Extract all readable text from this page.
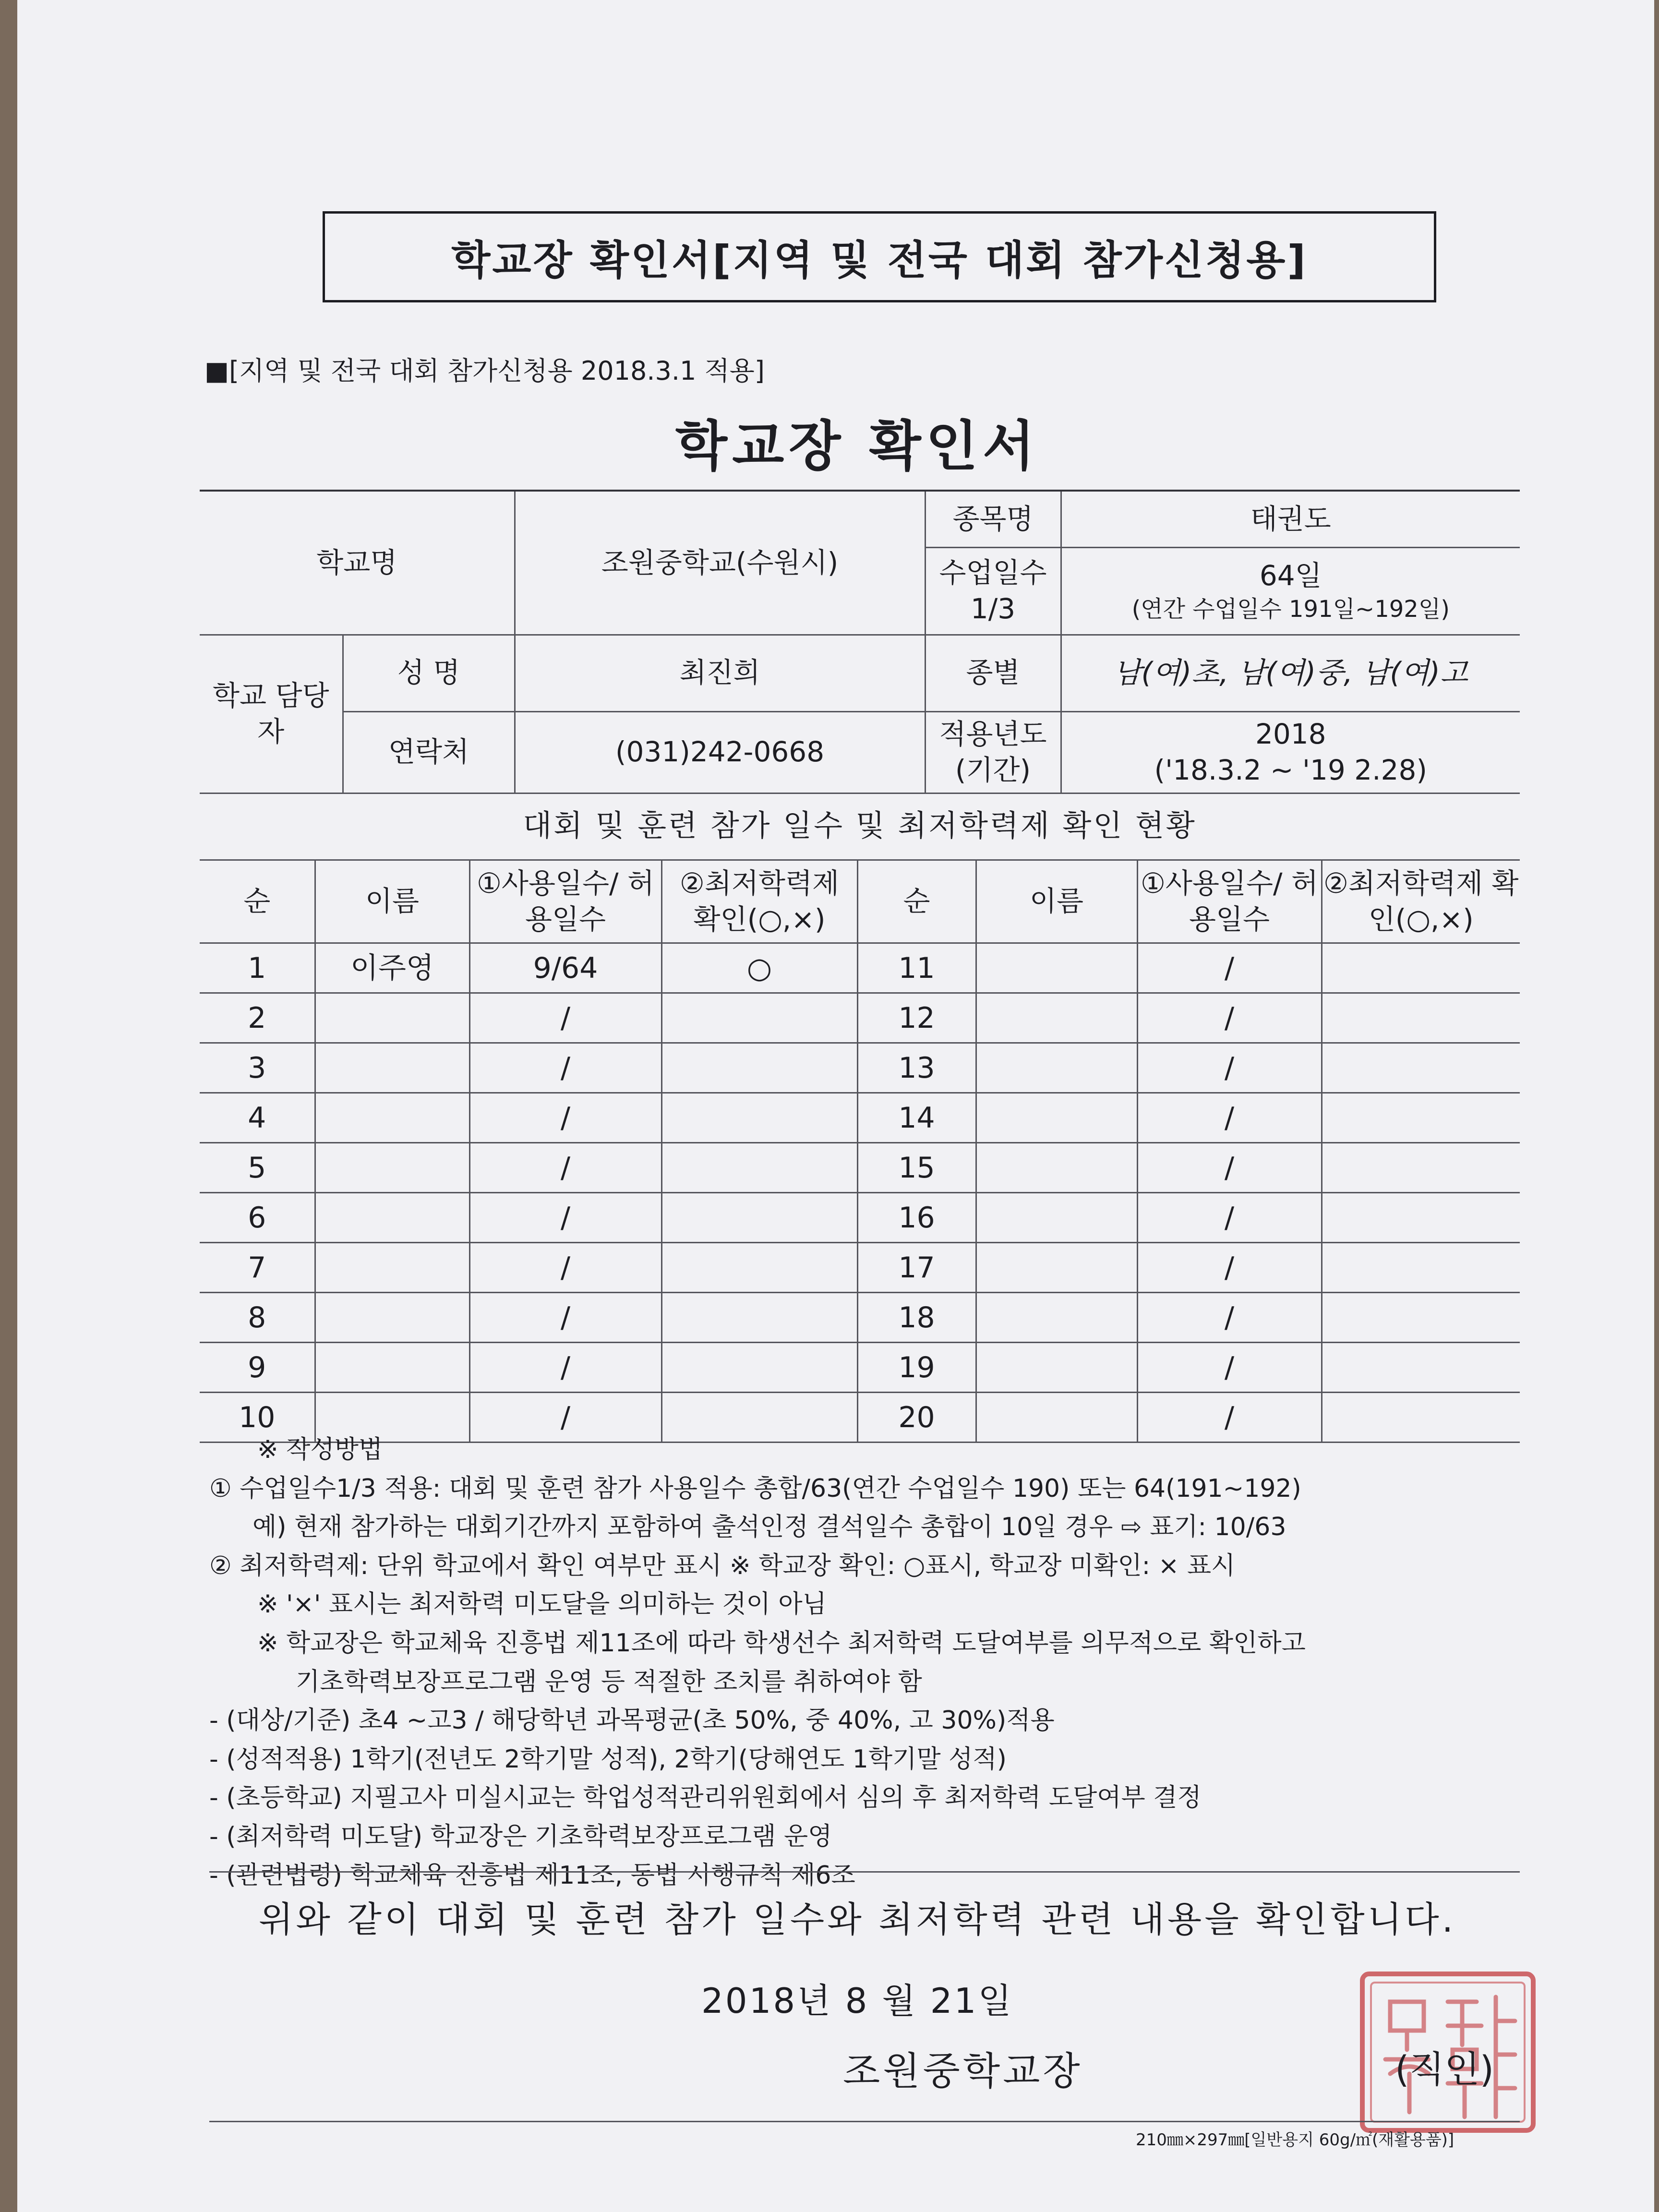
학교장 확인서[지역 및 전국 대회 참가신청용]
■[지역 및 전국 대회 참가신청용 2018.3.1 적용]
학교장 확인서
학교명		조원중학교(수원시)	종목명	태권도
			수업일수 1/3	64일
(연간 수업일수 191일~192일)

학교 담당자	성 명	최진희	종별	남(여)초, 남(여)중, 남(여)고
	연락처	(031)242-0668	적용년도 (기간)	2018
('18.3.2 ~ '19 2.28)
대회 및 훈련 참가 일수 및 최저학력제 확인 현황
순	이름	①사용일수/ 허용일수	②최저학력제 확인(○,×)	순	이름	①사용일수/ 허용일수	②최저학력제 확인(○,×)
1	이주영	9/64	○	11		/	
2		/		12		/	
3		/		13		/	
4		/		14		/	
5		/		15		/	
6		/		16		/	
7		/		17		/	
8		/		18		/	
9		/		19		/	
10		/		20		/	
※ 작성방법
① 수업일수1/3 적용: 대회 및 훈련 참가 사용일수 총합/63(연간 수업일수 190) 또는 64(191~192)
예) 현재 참가하는 대회기간까지 포함하여 출석인정 결석일수 총합이 10일 경우 ⇨ 표기: 10/63
② 최저학력제: 단위 학교에서 확인 여부만 표시 ※ 학교장 확인: ○표시, 학교장 미확인: × 표시
※ '×' 표시는 최저학력 미도달을 의미하는 것이 아님
※ 학교장은 학교체육 진흥법 제11조에 따라 학생선수 최저학력 도달여부를 의무적으로 확인하고
기초학력보장프로그램 운영 등 적절한 조치를 취하여야 함
- (대상/기준) 초4 ~고3 / 해당학년 과목평균(초 50%, 중 40%, 고 30%)적용
- (성적적용) 1학기(전년도 2학기말 성적), 2학기(당해연도 1학기말 성적)
- (초등학교) 지필고사 미실시교는 학업성적관리위원회에서 심의 후 최저학력 도달여부 결정
- (최저학력 미도달) 학교장은 기초학력보장프로그램 운영
- (관련법령) 학교체육 진흥법 제11조, 동법 시행규칙 제6조
위와 같이 대회 및 훈련 참가 일수와 최저학력 관련 내용을 확인합니다.
2018년 8 월 21일
조원중학교장	(직인)
210㎜×297㎜[일반용지 60g/㎡(재활용품)]
